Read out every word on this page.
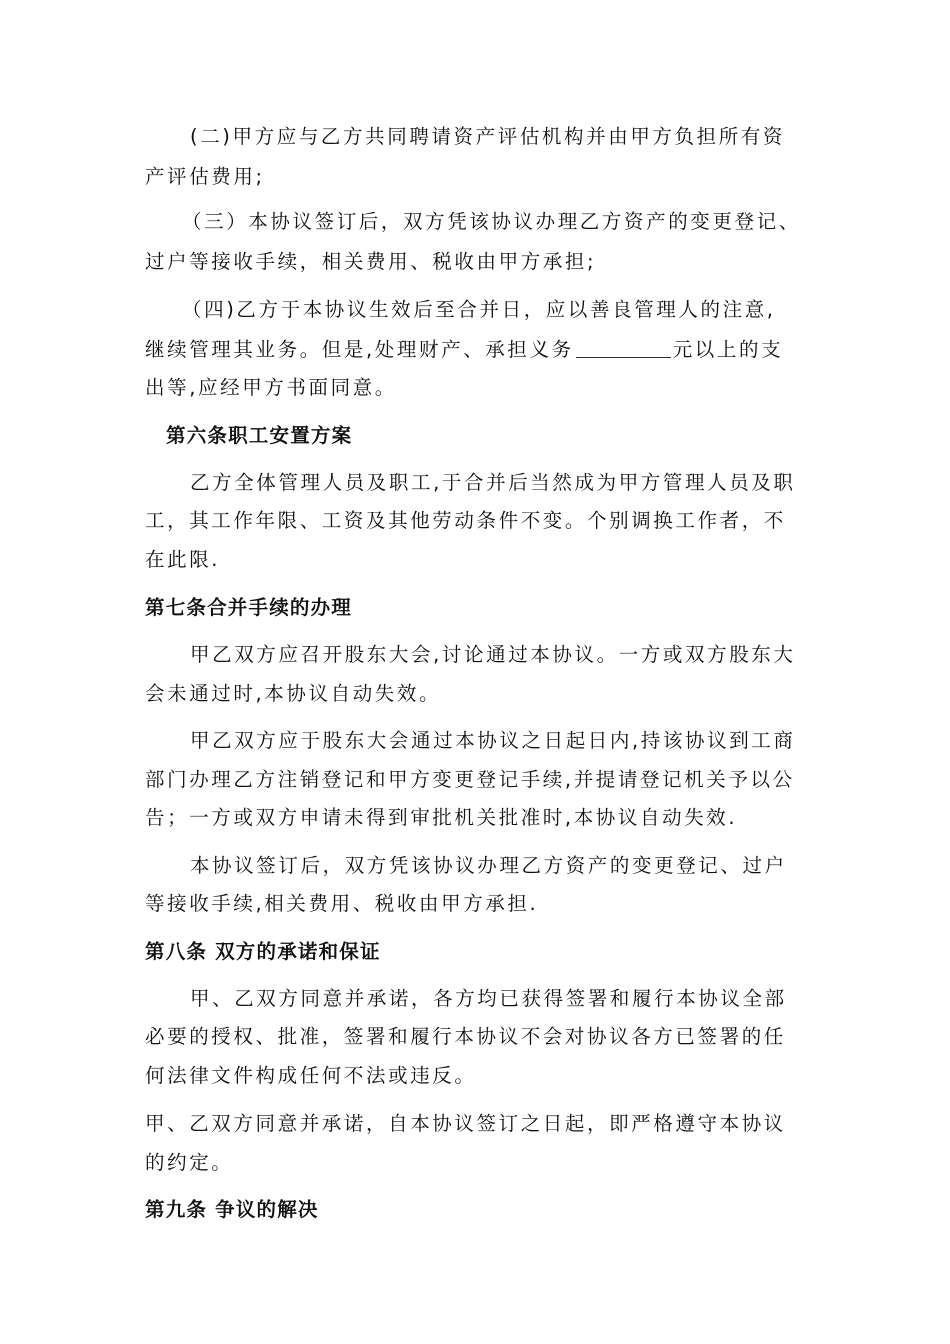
(二)甲方应与乙方共同聘请资产评估机构并由甲方负担所有资
产评估费用;
（三）本协议签订后，双方凭该协议办理乙方资产的变更登记、
过户等接收手续，相关费用、税收由甲方承担;
（四)乙方于本协议生效后至合并日，应以善良管理人的注意,
继续管理其业务。但是,处理财产、承担义务	元以上的支
出等,应经甲方书面同意。
第六条职工安置方案
乙方全体管理人员及职工,于合并后当然成为甲方管理人员及职
工，其工作年限、工资及其他劳动条件不变。个别调换工作者，不
在此限.
第七条合并手续的办理
甲乙双方应召开股东大会,讨论通过本协议。一方或双方股东大
会未通过时,本协议自动失效。
甲乙双方应于股东大会通过本协议之日起日内,持该协议到工商
部门办理乙方注销登记和甲方变更登记手续,并提请登记机关予以公
告；一方或双方申请未得到审批机关批准时,本协议自动失效.
本协议签订后，双方凭该协议办理乙方资产的变更登记、过户
等接收手续,相关费用、税收由甲方承担.
第八条 双方的承诺和保证
甲、乙双方同意并承诺，各方均已获得签署和履行本协议全部
必要的授权、批准，签署和履行本协议不会对协议各方已签署的任
何法律文件构成任何不法或违反。
甲、乙双方同意并承诺，自本协议签订之日起，即严格遵守本协议
的约定。
第九条 争议的解决
